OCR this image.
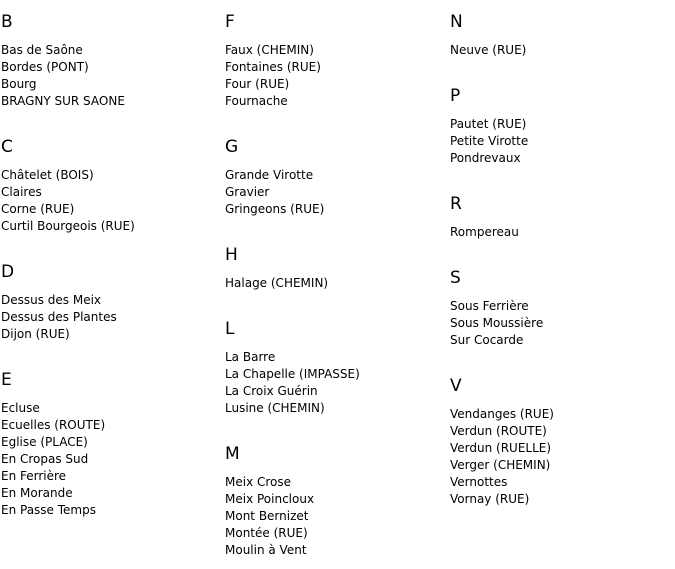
B
Bas de Saône
Bordes (PONT)
Bourg
BRAGNY SUR SAONE
C
Châtelet (BOIS)
Claires
Corne (RUE)
Curtil Bourgeois (RUE)
D
Dessus des Meix
Dessus des Plantes
Dijon (RUE)
E
Ecluse
Ecuelles (ROUTE)
Eglise (PLACE)
En Cropas Sud
En Ferrière
En Morande
En Passe Temps
F
Faux (CHEMIN)
Fontaines (RUE)
Four (RUE)
Fournache
G
Grande Virotte
Gravier
Gringeons (RUE)
H
Halage (CHEMIN)
L
La Barre
La Chapelle (IMPASSE)
La Croix Guérin
Lusine (CHEMIN)
M
Meix Crose
Meix Poincloux
Mont Bernizet
Montée (RUE)
Moulin à Vent
N
Neuve (RUE)
P
Pautet (RUE)
Petite Virotte
Pondrevaux
R
Rompereau
S
Sous Ferrière
Sous Moussière
Sur Cocarde
V
Vendanges (RUE)
Verdun (ROUTE)
Verdun (RUELLE)
Verger (CHEMIN)
Vernottes
Vornay (RUE)
